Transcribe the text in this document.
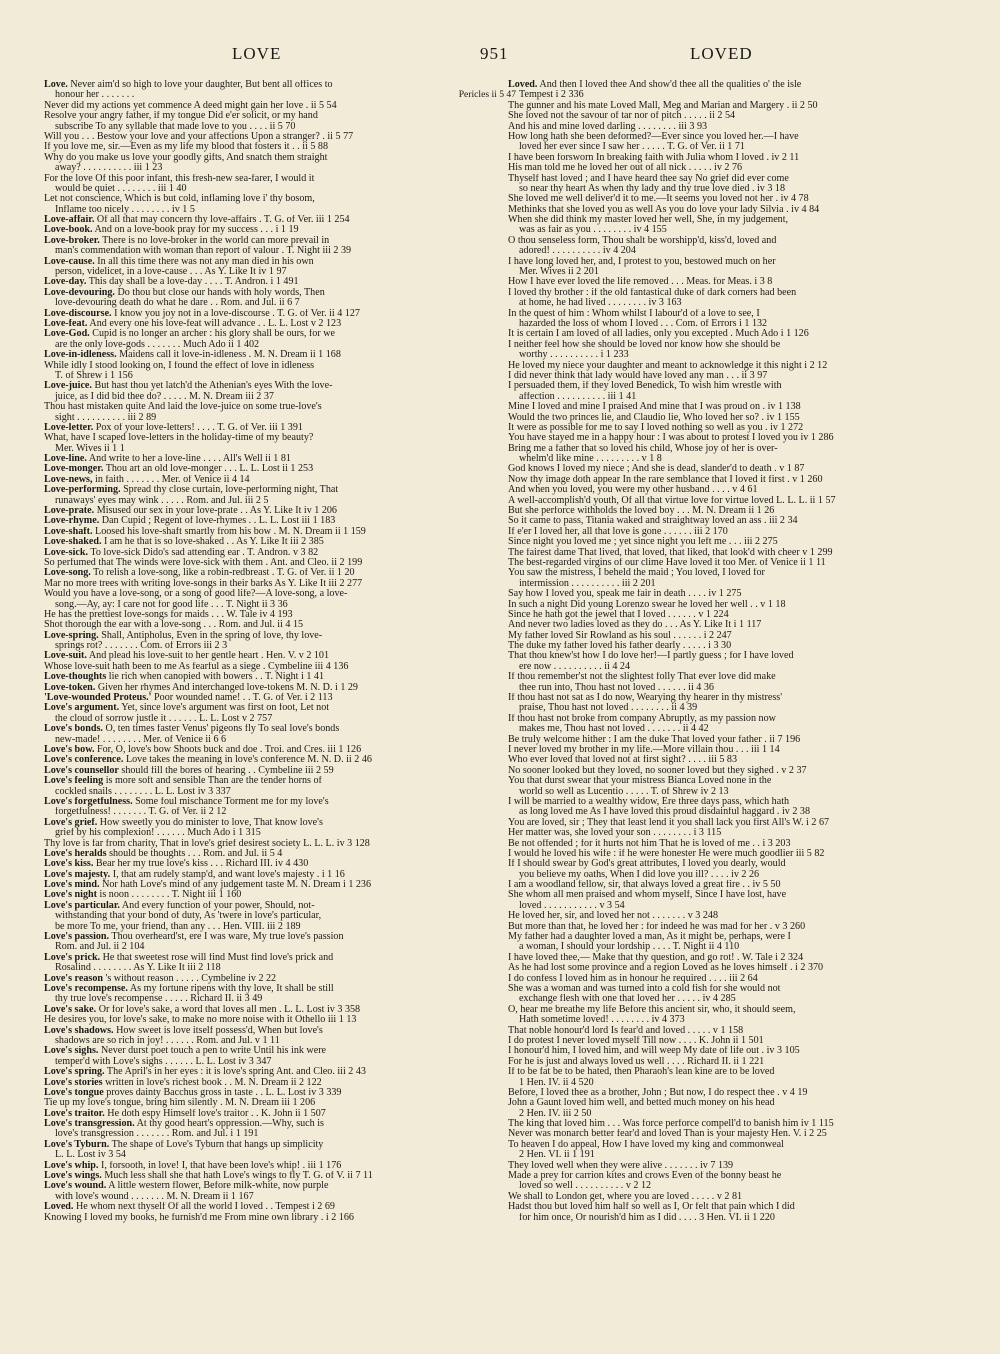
LOVE	951	LOVED
Love. Never aim'd so high to love your daughter, But bent all offices to
honour her . . . . . . .	Pericles ii 5 47
Never did my actions yet commence A deed might gain her love . ii 5 54
Resolve your angry father, if my tongue Did e'er solicit, or my hand
subscribe To any syllable that made love to you . . . . ii 5 70
Will you . . . Bestow your love and your affections Upon a stranger? . ii 5 77
If you love me, sir.—Even as my life my blood that fosters it . . ii 5 88
Why do you make us love your goodly gifts, And snatch them straight
away? . . . . . . . . . . iii 1 23
For the love Of this poor infant, this fresh-new sea-farer, I would it
would be quiet . . . . . . . . iii 1 40
Let not conscience, Which is but cold, inflaming love i' thy bosom,
Inflame too nicely . . . . . . . . iv 1 5
Love-affair. Of all that may concern thy love-affairs . T. G. of Ver. iii 1 254
Love-book. And on a love-book pray for my success . . . i 1 19
Love-broker. There is no love-broker in the world can more prevail in
man's commendation with woman than report of valour . T. Night iii 2 39
Love-cause. In all this time there was not any man died in his own
person, videlicet, in a love-cause . . . As Y. Like It iv 1 97
Love-day. This day shall be a love-day . . . . T. Andron. i 1 491
Love-devouring. Do thou but close our hands with holy words, Then
love-devouring death do what he dare . . Rom. and Jul. ii 6 7
Love-discourse. I know you joy not in a love-discourse . T. G. of Ver. ii 4 127
Love-feat. And every one his love-feat will advance . . L. L. Lost v 2 123
Love-God. Cupid is no longer an archer : his glory shall be ours, for we
are the only love-gods . . . . . . . Much Ado ii 1 402
Love-in-idleness. Maidens call it love-in-idleness . M. N. Dream ii 1 168
While idly I stood looking on, I found the effect of love in idleness
T. of Shrew i 1 156
Love-juice. But hast thou yet latch'd the Athenian's eyes With the love-
juice, as I did bid thee do? . . . . . M. N. Dream iii 2 37
Thou hast mistaken quite And laid the love-juice on some true-love's
sight . . . . . . . . . . iii 2 89
Love-letter. Pox of your love-letters! . . . . T. G. of Ver. iii 1 391
What, have I scaped love-letters in the holiday-time of my beauty?
Mer. Wives ii 1 1
Love-line. And write to her a love-line . . . . All's Well ii 1 81
Love-monger. Thou art an old love-monger . . . L. L. Lost ii 1 253
Love-news, in faith . . . . . . . Mer. of Venice ii 4 14
Love-performing. Spread thy close curtain, love-performing night, That
runaways' eyes may wink . . . . . Rom. and Jul. iii 2 5
Love-prate. Misused our sex in your love-prate . . As Y. Like It iv 1 206
Love-rhyme. Dan Cupid ; Regent of love-rhymes . . L. L. Lost iii 1 183
Love-shaft. Loosed his love-shaft smartly from his bow . M. N. Dream ii 1 159
Love-shaked. I am he that is so love-shaked . . As Y. Like It iii 2 385
Love-sick. To love-sick Dido's sad attending ear . T. Andron. v 3 82
So perfumed that The winds were love-sick with them . Ant. and Cleo. ii 2 199
Love-song. To relish a love-song, like a robin-redbreast . T. G. of Ver. ii 1 20
Mar no more trees with writing love-songs in their barks As Y. Like It iii 2 277
Would you have a love-song, or a song of good life?—A love-song, a love-
song.—Ay, ay: I care not for good life . . . T. Night ii 3 36
He has the prettiest love-songs for maids . . . W. Tale iv 4 193
Shot thorough the ear with a love-song . . . Rom. and Jul. ii 4 15
Love-spring. Shall, Antipholus, Even in the spring of love, thy love-
springs rot? . . . . . . . Com. of Errors iii 2 3
Love-suit. And plead his love-suit to her gentle heart . Hen. V. v 2 101
Whose love-suit hath been to me As fearful as a siege . Cymbeline iii 4 136
Love-thoughts lie rich when canopied with bowers . . T. Night i 1 41
Love-token. Given her rhymes And interchanged love-tokens M. N. D. i 1 29
'Love-wounded Proteus.' Poor wounded name! . . T. G. of Ver. i 2 113
Love's argument. Yet, since love's argument was first on foot, Let not
the cloud of sorrow justle it . . . . . . L. L. Lost v 2 757
Love's bonds. O, ten times faster Venus' pigeons fly To seal love's bonds
new-made! . . . . . . . . Mer. of Venice ii 6 6
Love's bow. For, O, love's bow Shoots buck and doe . Troi. and Cres. iii 1 126
Love's conference. Love takes the meaning in love's conference M. N. D. ii 2 46
Love's counsellor should fill the bores of hearing . . Cymbeline iii 2 59
Love's feeling is more soft and sensible Than are the tender horns of
cockled snails . . . . . . . . L. L. Lost iv 3 337
Love's forgetfulness. Some foul mischance Torment me for my love's
forgetfulness! . . . . . . . T. G. of Ver. ii 2 12
Love's grief. How sweetly you do minister to love, That know love's
grief by his complexion! . . . . . . Much Ado i 1 315
Thy love is far from charity, That in love's grief desirest society L. L. L. iv 3 128
Love's heralds should be thoughts . . . Rom. and Jul. ii 5 4
Love's kiss. Bear her my true love's kiss . . . Richard III. iv 4 430
Love's majesty. I, that am rudely stamp'd, and want love's majesty . i 1 16
Love's mind. Nor hath Love's mind of any judgement taste M. N. Dream i 1 236
Love's night is noon . . . . . . . . T. Night iii 1 160
Love's particular. And every function of your power, Should, not-
withstanding that your bond of duty, As 'twere in love's particular,
be more To me, your friend, than any . . . Hen. VIII. iii 2 189
Love's passion. Thou overheard'st, ere I was ware, My true love's passion
Rom. and Jul. ii 2 104
Love's prick. He that sweetest rose will find Must find love's prick and
Rosalind . . . . . . . . As Y. Like It iii 2 118
Love's reason 's without reason . . . . . Cymbeline iv 2 22
Love's recompense. As my fortune ripens with thy love, It shall be still
thy true love's recompense . . . . . Richard II. ii 3 49
Love's sake. Or for love's sake, a word that loves all men . L. L. Lost iv 3 358
He desires you, for love's sake, to make no more noise with it Othello iii 1 13
Love's shadows. How sweet is love itself possess'd, When but love's
shadows are so rich in joy! . . . . . . Rom. and Jul. v 1 11
Love's sighs. Never durst poet touch a pen to write Until his ink were
temper'd with Love's sighs . . . . . . L. L. Lost iv 3 347
Love's spring. The April's in her eyes : it is love's spring Ant. and Cleo. iii 2 43
Love's stories written in love's richest book . . M. N. Dream ii 2 122
Love's tongue proves dainty Bacchus gross in taste . . L. L. Lost iv 3 339
Tie up my love's tongue, bring him silently . M. N. Dream iii 1 206
Love's traitor. He doth espy Himself love's traitor . . K. John ii 1 507
Love's transgression. At thy good heart's oppression.—Why, such is
love's transgression . . . . . . . Rom. and Jul. i 1 191
Love's Tyburn. The shape of Love's Tyburn that hangs up simplicity
L. L. Lost iv 3 54
Love's whip. I, forsooth, in love! I, that have been love's whip! . iii 1 176
Love's wings. Much less shall she that hath Love's wings to fly T. G. of V. ii 7 11
Love's wound. A little western flower, Before milk-white, now purple
with love's wound . . . . . . . M. N. Dream ii 1 167
Loved. He whom next thyself Of all the world I loved . . Tempest i 2 69
Knowing I loved my books, he furnish'd me From mine own library . i 2 166
Loved. And then I loved thee And show'd thee all the qualities o' the isle
Tempest i 2 336
The gunner and his mate Loved Mall, Meg and Marian and Margery . ii 2 50
She loved not the savour of tar nor of pitch . . . . . ii 2 54
And his and mine loved darling . . . . . . . . iii 3 93
How long hath she been deformed?—Ever since you loved her.—I have
loved her ever since I saw her . . . . . T. G. of Ver. ii 1 71
I have been forsworn In breaking faith with Julia whom I loved . iv 2 11
His man told me he loved her out of all nick . . . . . iv 2 76
Thyself hast loved ; and I have heard thee say No grief did ever come
so near thy heart As when thy lady and thy true love died . iv 3 18
She loved me well deliver'd it to me.—It seems you loved not her . iv 4 78
Methinks that she loved you as well As you do love your lady Silvia . iv 4 84
When she did think my master loved her well, She, in my judgement,
was as fair as you . . . . . . . . iv 4 155
O thou senseless form, Thou shalt be worshipp'd, kiss'd, loved and
adored! . . . . . . . . . . iv 4 204
I have long loved her, and, I protest to you, bestowed much on her
Mer. Wives ii 2 201
How I have ever loved the life removed . . . Meas. for Meas. i 3 8
I loved thy brother : if the old fantastical duke of dark corners had been
at home, he had lived . . . . . . . . iv 3 163
In the quest of him : Whom whilst I labour'd of a love to see, I
hazarded the loss of whom I loved . . . Com. of Errors i 1 132
It is certain I am loved of all ladies, only you excepted . Much Ado i 1 126
I neither feel how she should be loved nor know how she should be
worthy . . . . . . . . . . i 1 233
He loved my niece your daughter and meant to acknowledge it this night i 2 12
I did never think that lady would have loved any man . . . ii 3 97
I persuaded them, if they loved Benedick, To wish him wrestle with
affection . . . . . . . . . . iii 1 41
Mine I loved and mine I praised And mine that I was proud on . iv 1 138
Would the two princes lie, and Claudio lie, Who loved her so? . iv 1 155
It were as possible for me to say I loved nothing so well as you . iv 1 272
You have stayed me in a happy hour : I was about to protest I loved you iv 1 286
Bring me a father that so loved his child, Whose joy of her is over-
whelm'd like mine . . . . . . . . . v 1 8
God knows I loved my niece ; And she is dead, slander'd to death . v 1 87
Now thy image doth appear In the rare semblance that I loved it first . v 1 260
And when you loved, you were my other husband . . . . v 4 61
A well-accomplish'd youth, Of all that virtue love for virtue loved L. L. L. ii 1 57
But she perforce withholds the loved boy . . . M. N. Dream ii 1 26
So it came to pass, Titania waked and straightway loved an ass . iii 2 34
If e'er I loved her, all that love is gone . . . . . . iii 2 170
Since night you loved me ; yet since night you left me . . . iii 2 275
The fairest dame That lived, that loved, that liked, that look'd with cheer v 1 299
The best-regarded virgins of our clime Have loved it too Mer. of Venice ii 1 11
You saw the mistress, I beheld the maid ; You loved, I loved for
intermission . . . . . . . . . . iii 2 201
Say how I loved you, speak me fair in death . . . . iv 1 275
In such a night Did young Lorenzo swear he loved her well . . v 1 18
Since he hath got the jewel that I loved . . . . . . v 1 224
And never two ladies loved as they do . . . As Y. Like It i 1 117
My father loved Sir Rowland as his soul . . . . . . i 2 247
The duke my father loved his father dearly . . . . . i 3 30
That thou knew'st how I do love her!—I partly guess ; for I have loved
ere now . . . . . . . . . . ii 4 24
If thou remember'st not the slightest folly That ever love did make
thee run into, Thou hast not loved . . . . . . ii 4 36
If thou hast not sat as I do now, Wearying thy hearer in thy mistress'
praise, Thou hast not loved . . . . . . . . ii 4 39
If thou hast not broke from company Abruptly, as my passion now
makes me, Thou hast not loved . . . . . . . ii 4 42
Be truly welcome hither : I am the duke That loved your father . ii 7 196
I never loved my brother in my life.—More villain thou . . . iii 1 14
Who ever loved that loved not at first sight? . . . . iii 5 83
No sooner looked but they loved, no sooner loved but they sighed . v 2 37
You that durst swear that your mistress Bianca Loved none in the
world so well as Lucentio . . . . . T. of Shrew iv 2 13
I will be married to a wealthy widow, Ere three days pass, which hath
as long loved me As I have loved this proud disdainful haggard . iv 2 38
You are loved, sir ; They that least lend it you shall lack you first All's W. i 2 67
Her matter was, she loved your son . . . . . . . . i 3 115
Be not offended ; for it hurts not him That he is loved of me . . i 3 203
I would he loved his wife : if he were honester He were much goodlier iii 5 82
If I should swear by God's great attributes, I loved you dearly, would
you believe my oaths, When I did love you ill? . . . . iv 2 26
I am a woodland fellow, sir, that always loved a great fire . . iv 5 50
She whom all men praised and whom myself, Since I have lost, have
loved . . . . . . . . . . . v 3 54
He loved her, sir, and loved her not . . . . . . . v 3 248
But more than that, he loved her : for indeed he was mad for her . v 3 260
My father had a daughter loved a man, As it might be, perhaps, were I
a woman, I should your lordship . . . . T. Night ii 4 110
I have loved thee,— Make that thy question, and go rot! . W. Tale i 2 324
As he had lost some province and a region Loved as he loves himself . i 2 370
I do confess I loved him as in honour he required . . . . iii 2 64
She was a woman and was turned into a cold fish for she would not
exchange flesh with one that loved her . . . . . iv 4 285
O, hear me breathe my life Before this ancient sir, who, it should seem,
Hath sometime loved! . . . . . . . . iv 4 373
That noble honour'd lord Is fear'd and loved . . . . . v 1 158
I do protest I never loved myself Till now . . . . K. John ii 1 501
I honour'd him, I loved him, and will weep My date of life out . iv 3 105
For he is just and always loved us well . . . . Richard II. ii 1 221
If to be fat be to be hated, then Pharaoh's lean kine are to be loved
1 Hen. IV. ii 4 520
Before, I loved thee as a brother, John ; But now, I do respect thee . v 4 19
John a Gaunt loved him well, and betted much money on his head
2 Hen. IV. iii 2 50
The king that loved him . . . Was force perforce compell'd to banish him iv 1 115
Never was monarch better fear'd and loved Than is your majesty Hen. V. i 2 25
To heaven I do appeal, How I have loved my king and commonweal
2 Hen. VI. ii 1 191
They loved well when they were alive . . . . . . . iv 7 139
Made a prey for carrion kites and crows Even of the bonny beast he
loved so well . . . . . . . . . . v 2 12
We shall to London get, where you are loved . . . . . v 2 81
Hadst thou but loved him half so well as I, Or felt that pain which I did
for him once, Or nourish'd him as I did . . . . 3 Hen. VI. ii 1 220
